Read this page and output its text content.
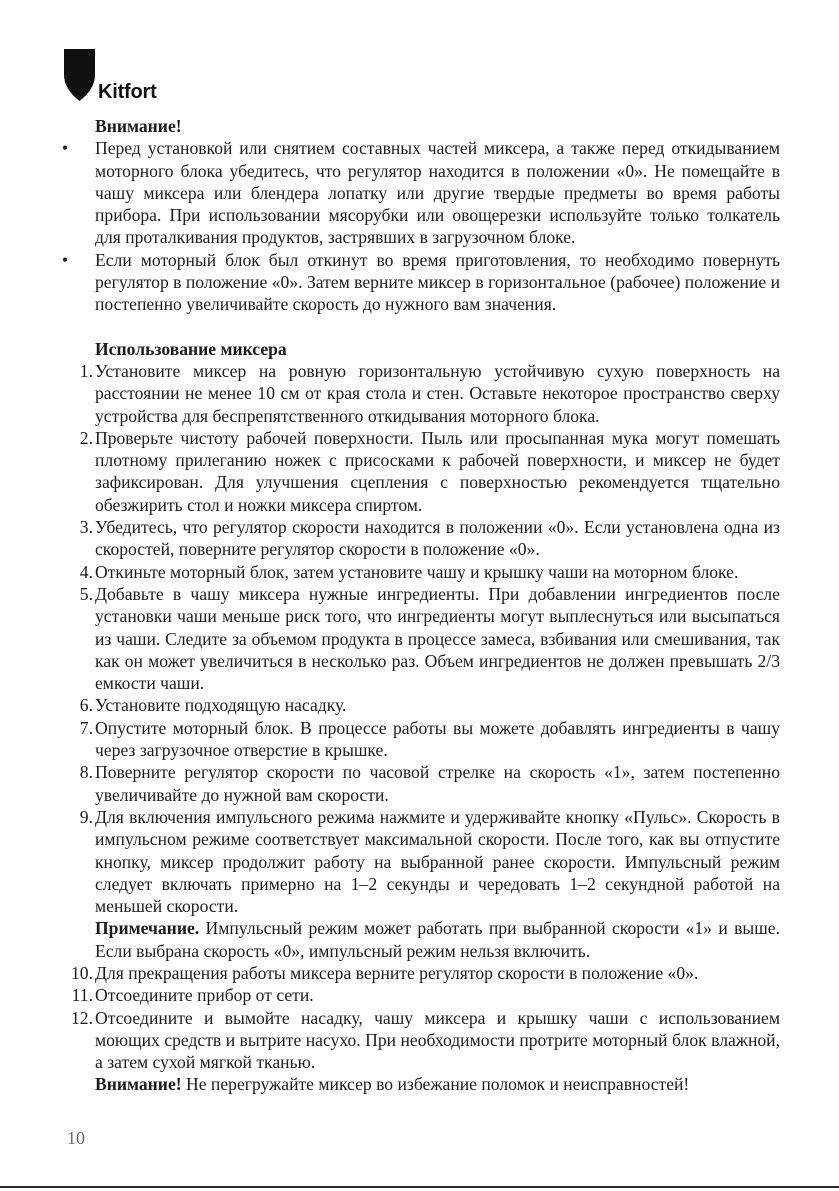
Kitfort
Внимание!
• Перед установкой или снятием составных частей миксера, а также перед откидыванием моторного блока убедитесь, что регулятор находится в положении «0». Не помещайте в чашу миксера или блендера лопатку или другие твердые предметы во время работы прибора. При использовании мясорубки или овощерезки используйте только толкатель для проталкивания продуктов, застрявших в загрузочном блоке.
• Если моторный блок был откинут во время приготовления, то необходимо повернуть регулятор в положение «0». Затем верните миксер в горизонтальное (рабочее) положение и постепенно увеличивайте скорость до нужного вам значения.
Использование миксера
1. Установите миксер на ровную горизонтальную устойчивую сухую поверхность на расстоянии не менее 10 см от края стола и стен. Оставьте некоторое пространство сверху устройства для беспрепятственного откидывания моторного блока.
2. Проверьте чистоту рабочей поверхности. Пыль или просыпанная мука могут помешать плотному прилеганию ножек с присосками к рабочей поверхности, и миксер не будет зафиксирован. Для улучшения сцепления с поверхностью рекомендуется тщательно обезжирить стол и ножки миксера спиртом.
3. Убедитесь, что регулятор скорости находится в положении «0». Если установлена одна из скоростей, поверните регулятор скорости в положение «0».
4. Откиньте моторный блок, затем установите чашу и крышку чаши на моторном блоке.
5. Добавьте в чашу миксера нужные ингредиенты. При добавлении ингредиентов после установки чаши меньше риск того, что ингредиенты могут выплеснуться или высыпаться из чаши. Следите за объемом продукта в процессе замеса, взбивания или смешивания, так как он может увеличиться в несколько раз. Объем ингредиентов не должен превышать 2/3 емкости чаши.
6. Установите подходящую насадку.
7. Опустите моторный блок. В процессе работы вы можете добавлять ингредиенты в чашу через загрузочное отверстие в крышке.
8. Поверните регулятор скорости по часовой стрелке на скорость «1», затем постепенно увеличивайте до нужной вам скорости.
9. Для включения импульсного режима нажмите и удерживайте кнопку «Пульс». Скорость в импульсном режиме соответствует максимальной скорости. После того, как вы отпустите кнопку, миксер продолжит работу на выбранной ранее скорости. Импульсный режим следует включать примерно на 1–2 секунды и чередовать 1–2 секундной работой на меньшей скорости.
Примечание. Импульсный режим может работать при выбранной скорости «1» и выше. Если выбрана скорость «0», импульсный режим нельзя включить.
10. Для прекращения работы миксера верните регулятор скорости в положение «0».
11. Отсоедините прибор от сети.
12. Отсоедините и вымойте насадку, чашу миксера и крышку чаши с использованием моющих средств и вытрите насухо. При необходимости протрите моторный блок влажной, а затем сухой мягкой тканью.
Внимание! Не перегружайте миксер во избежание поломок и неисправностей!
10
